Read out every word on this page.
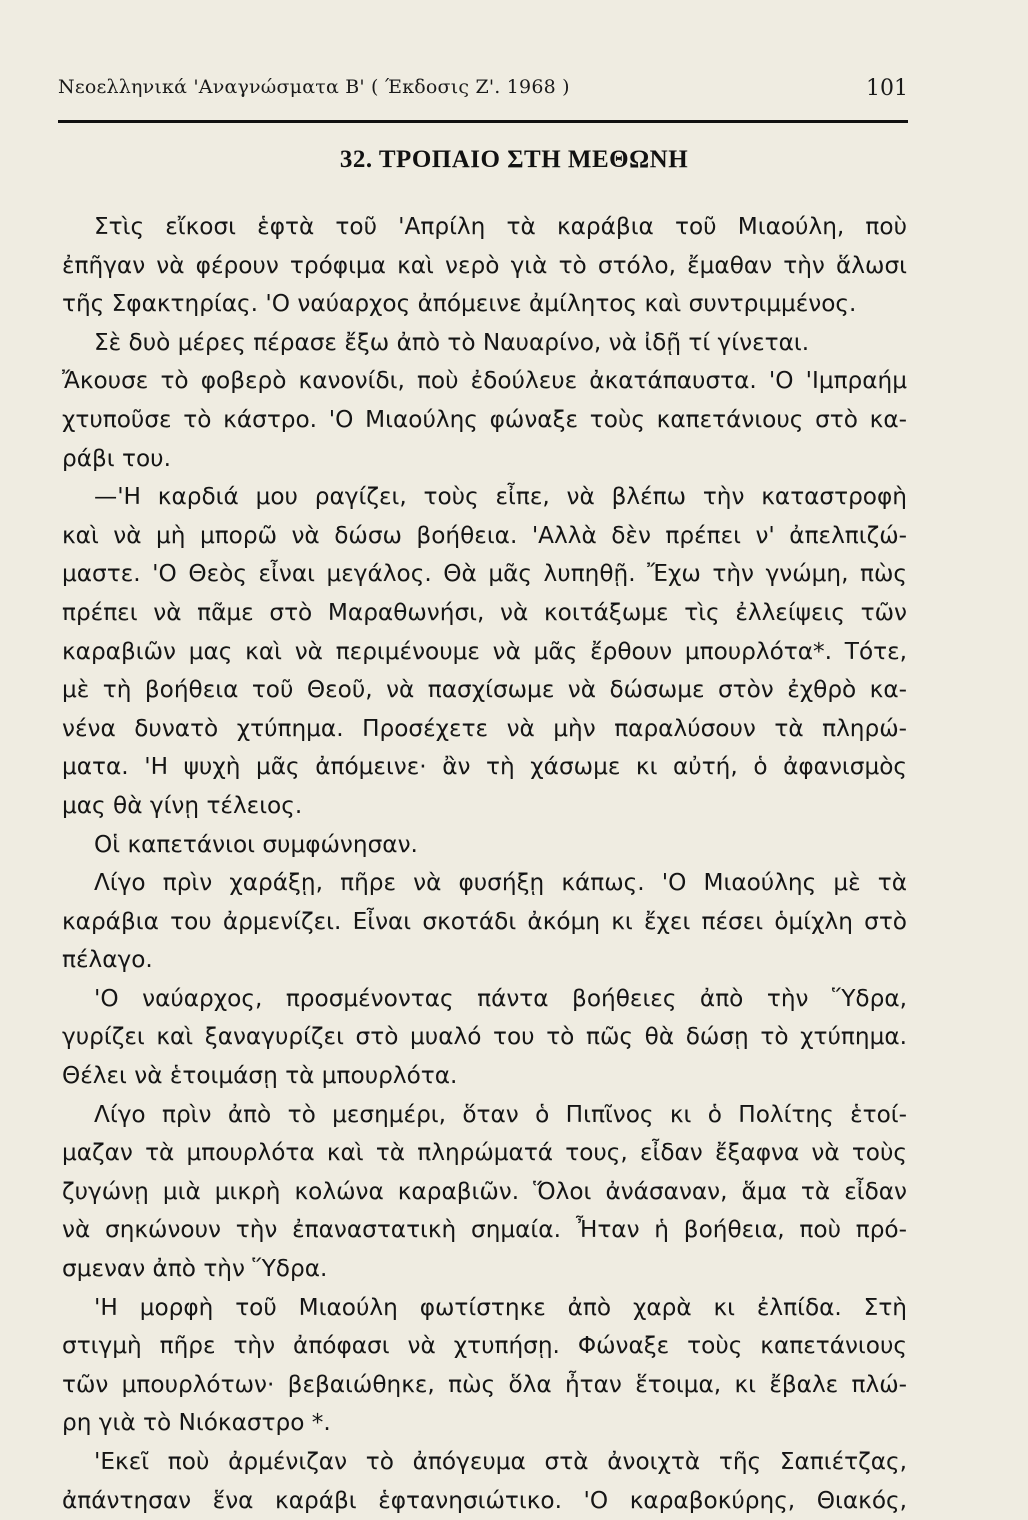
Νεοελληνικά 'Αναγνώσματα Β' ( Έκδοσις Ζ'. 1968 )	101
32. ΤΡΟΠΑΙΟ ΣΤΗ ΜΕΘΩΝΗ
Στὶς εἴκοσι ἑφτὰ τοῦ 'Απρίλη τὰ καράβια τοῦ Μιαούλη, ποὺ
ἐπῆγαν νὰ φέρουν τρόφιμα καὶ νερὸ γιὰ τὸ στόλο, ἔμαθαν τὴν ἅλωσι
τῆς Σφακτηρίας. 'Ο ναύαρχος ἀπόμεινε ἀμίλητος καὶ συντριμμένος.
Σὲ δυὸ μέρες πέρασε ἔξω ἀπὸ τὸ Ναυαρίνο, νὰ ἰδῇ τί γίνεται.
Ἄκουσε τὸ φοβερὸ κανονίδι, ποὺ ἐδούλευε ἀκατάπαυστα. 'Ο 'Ιμπραήμ
χτυποῦσε τὸ κάστρο. 'Ο Μιαούλης φώναξε τοὺς καπετάνιους στὸ κα-
ράβι του.
—'Η καρδιά μου ραγίζει, τοὺς εἶπε, νὰ βλέπω τὴν καταστροφὴ
καὶ νὰ μὴ μπορῶ νὰ δώσω βοήθεια. 'Αλλὰ δὲν πρέπει ν' ἀπελπιζώ-
μαστε. 'Ο Θεὸς εἶναι μεγάλος. Θὰ μᾶς λυπηθῇ. Ἔχω τὴν γνώμη, πὼς
πρέπει νὰ πᾶμε στὸ Μαραθωνήσι, νὰ κοιτάξωμε τὶς ἐλλείψεις τῶν
καραβιῶν μας καὶ νὰ περιμένουμε νὰ μᾶς ἔρθουν μπουρλότα*. Τότε,
μὲ τὴ βοήθεια τοῦ Θεοῦ, νὰ πασχίσωμε νὰ δώσωμε στὸν ἐχθρὸ κα-
νένα δυνατὸ χτύπημα. Προσέχετε νὰ μὴν παραλύσουν τὰ πληρώ-
ματα. 'Η ψυχὴ μᾶς ἀπόμεινε· ἂν τὴ χάσωμε κι αὐτή, ὁ ἀφανισμὸς
μας θὰ γίνῃ τέλειος.
Οἱ καπετάνιοι συμφώνησαν.
Λίγο πρὶν χαράξῃ, πῆρε νὰ φυσήξῃ κάπως. 'Ο Μιαούλης μὲ τὰ
καράβια του ἀρμενίζει. Εἶναι σκοτάδι ἀκόμη κι ἔχει πέσει ὁμίχλη στὸ
πέλαγο.
'Ο ναύαρχος, προσμένοντας πάντα βοήθειες ἀπὸ τὴν Ὕδρα,
γυρίζει καὶ ξαναγυρίζει στὸ μυαλό του τὸ πῶς θὰ δώσῃ τὸ χτύπημα.
Θέλει νὰ ἑτοιμάσῃ τὰ μπουρλότα.
Λίγο πρὶν ἀπὸ τὸ μεσημέρι, ὅταν ὁ Πιπῖνος κι ὁ Πολίτης ἑτοί-
μαζαν τὰ μπουρλότα καὶ τὰ πληρώματά τους, εἶδαν ἔξαφνα νὰ τοὺς
ζυγώνῃ μιὰ μικρὴ κολώνα καραβιῶν. Ὅλοι ἀνάσαναν, ἅμα τὰ εἶδαν
νὰ σηκώνουν τὴν ἐπαναστατικὴ σημαία. Ἦταν ἡ βοήθεια, ποὺ πρό-
σμεναν ἀπὸ τὴν Ὕδρα.
'Η μορφὴ τοῦ Μιαούλη φωτίστηκε ἀπὸ χαρὰ κι ἐλπίδα. Στὴ
στιγμὴ πῆρε τὴν ἀπόφασι νὰ χτυπήσῃ. Φώναξε τοὺς καπετάνιους
τῶν μπουρλότων· βεβαιώθηκε, πὼς ὅλα ἦταν ἕτοιμα, κι ἔβαλε πλώ-
ρη γιὰ τὸ Νιόκαστρο *.
'Εκεῖ ποὺ ἀρμένιζαν τὸ ἀπόγευμα στὰ ἀνοιχτὰ τῆς Σαπιέτζας,
ἀπάντησαν ἕνα καράβι ἑφτανησιώτικο. 'Ο καραβοκύρης, Θιακός,
